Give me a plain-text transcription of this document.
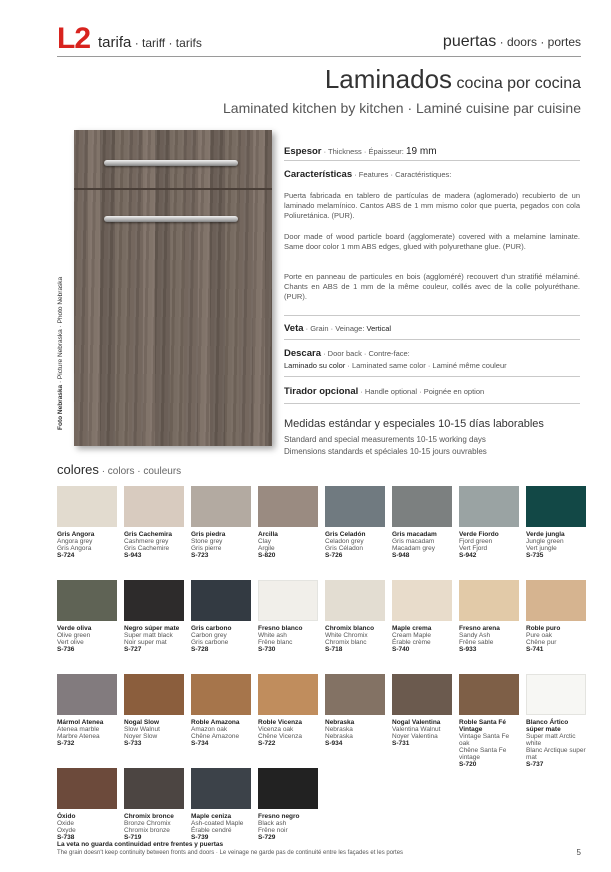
L2 tarifa · tariff · tarifs	puertas · doors · portes
Laminados cocina por cocina
Laminated kitchen by kitchen · Laminé cuisine par cuisine
Foto Nebraska · Picture Nebraska · Photo Nebraska
Espesor · Thickness · Épaisseur: 19 mm
Características · Features · Caractéristiques:
Puerta fabricada en tablero de partículas de madera (aglomerado) recubierto de un laminado melamínico. Cantos ABS de 1 mm mismo color que puerta, pegados con cola Poliuretánica. (PUR).
Door made of wood particle board (agglomerate) covered with a melamine laminate. Same door color 1 mm ABS edges, glued with polyurethane glue. (PUR).
Porte en panneau de particules en bois (aggloméré) recouvert d'un stratifié mélaminé. Chants en ABS de 1 mm de la même couleur, collés avec de la colle polyuréthane. (PUR).
Veta · Grain · Veinage: Vertical
Descara · Door back · Contre-face:
Laminado su color · Laminated same color · Laminé même couleur
Tirador opcional · Handle optional · Poignée en option
Medidas estándar y especiales 10-15 días laborables
Standard and special measurements 10-15 working days
Dimensions standards et spéciales 10-15 jours ouvrables
colores · colors · couleurs
Gris Angora
Angora grey
Gris Angora
S-724
Gris Cachemira
Cashmere grey
Gris Cachemire
S-943
Gris piedra
Stone grey
Gris pierre
S-723
Arcilla
Clay
Argile
S-820
Gris Celadón
Celadon grey
Gris Céladon
S-726
Gris macadam
Gris macadam
Macadam grey
S-948
Verde Fiordo
Fjord green
Vert Fjord
S-942
Verde jungla
Jungle green
Vert jungle
S-735
Verde oliva
Olive green
Vert olive
S-736
Negro súper mate
Super matt black
Noir super mat
S-727
Gris carbono
Carbon grey
Gris carbone
S-728
Fresno blanco
White ash
Frêne blanc
S-730
Chromix blanco
White Chromix
Chromix blanc
S-718
Maple crema
Cream Maple
Érable crème
S-740
Fresno arena
Sandy Ash
Frêne sable
S-933
Roble puro
Pure oak
Chêne pur
S-741
Mármol Atenea
Atenea marble
Marbre Atenea
S-732
Nogal Slow
Slow Walnut
Noyer Slow
S-733
Roble Amazona
Amazon oak
Chêne Amazone
S-734
Roble Vicenza
Vicenza oak
Chêne Vicenza
S-722
Nebraska
Nebraska
Nebraska
S-934
Nogal Valentina
Valentina Walnut
Noyer Valentina
S-731
Roble Santa Fé Vintage
Vintage Santa Fe oak
Chêne Santa Fe vintage
S-720
Blanco Ártico súper mate
Super matt Arctic white
Blanc Arctique super mat
S-737
Óxido
Oxide
Oxyde
S-738
Chromix bronce
Bronze Chromix
Chromix bronze
S-719
Maple ceniza
Ash-coated Maple
Érable cendré
S-739
Fresno negro
Black ash
Frêne noir
S-729
La veta no guarda continuidad entre frentes y puertas
The grain doesn't keep continuity between fronts and doors · Le veinage ne garde pas de continuité entre les façades et les portes	5
